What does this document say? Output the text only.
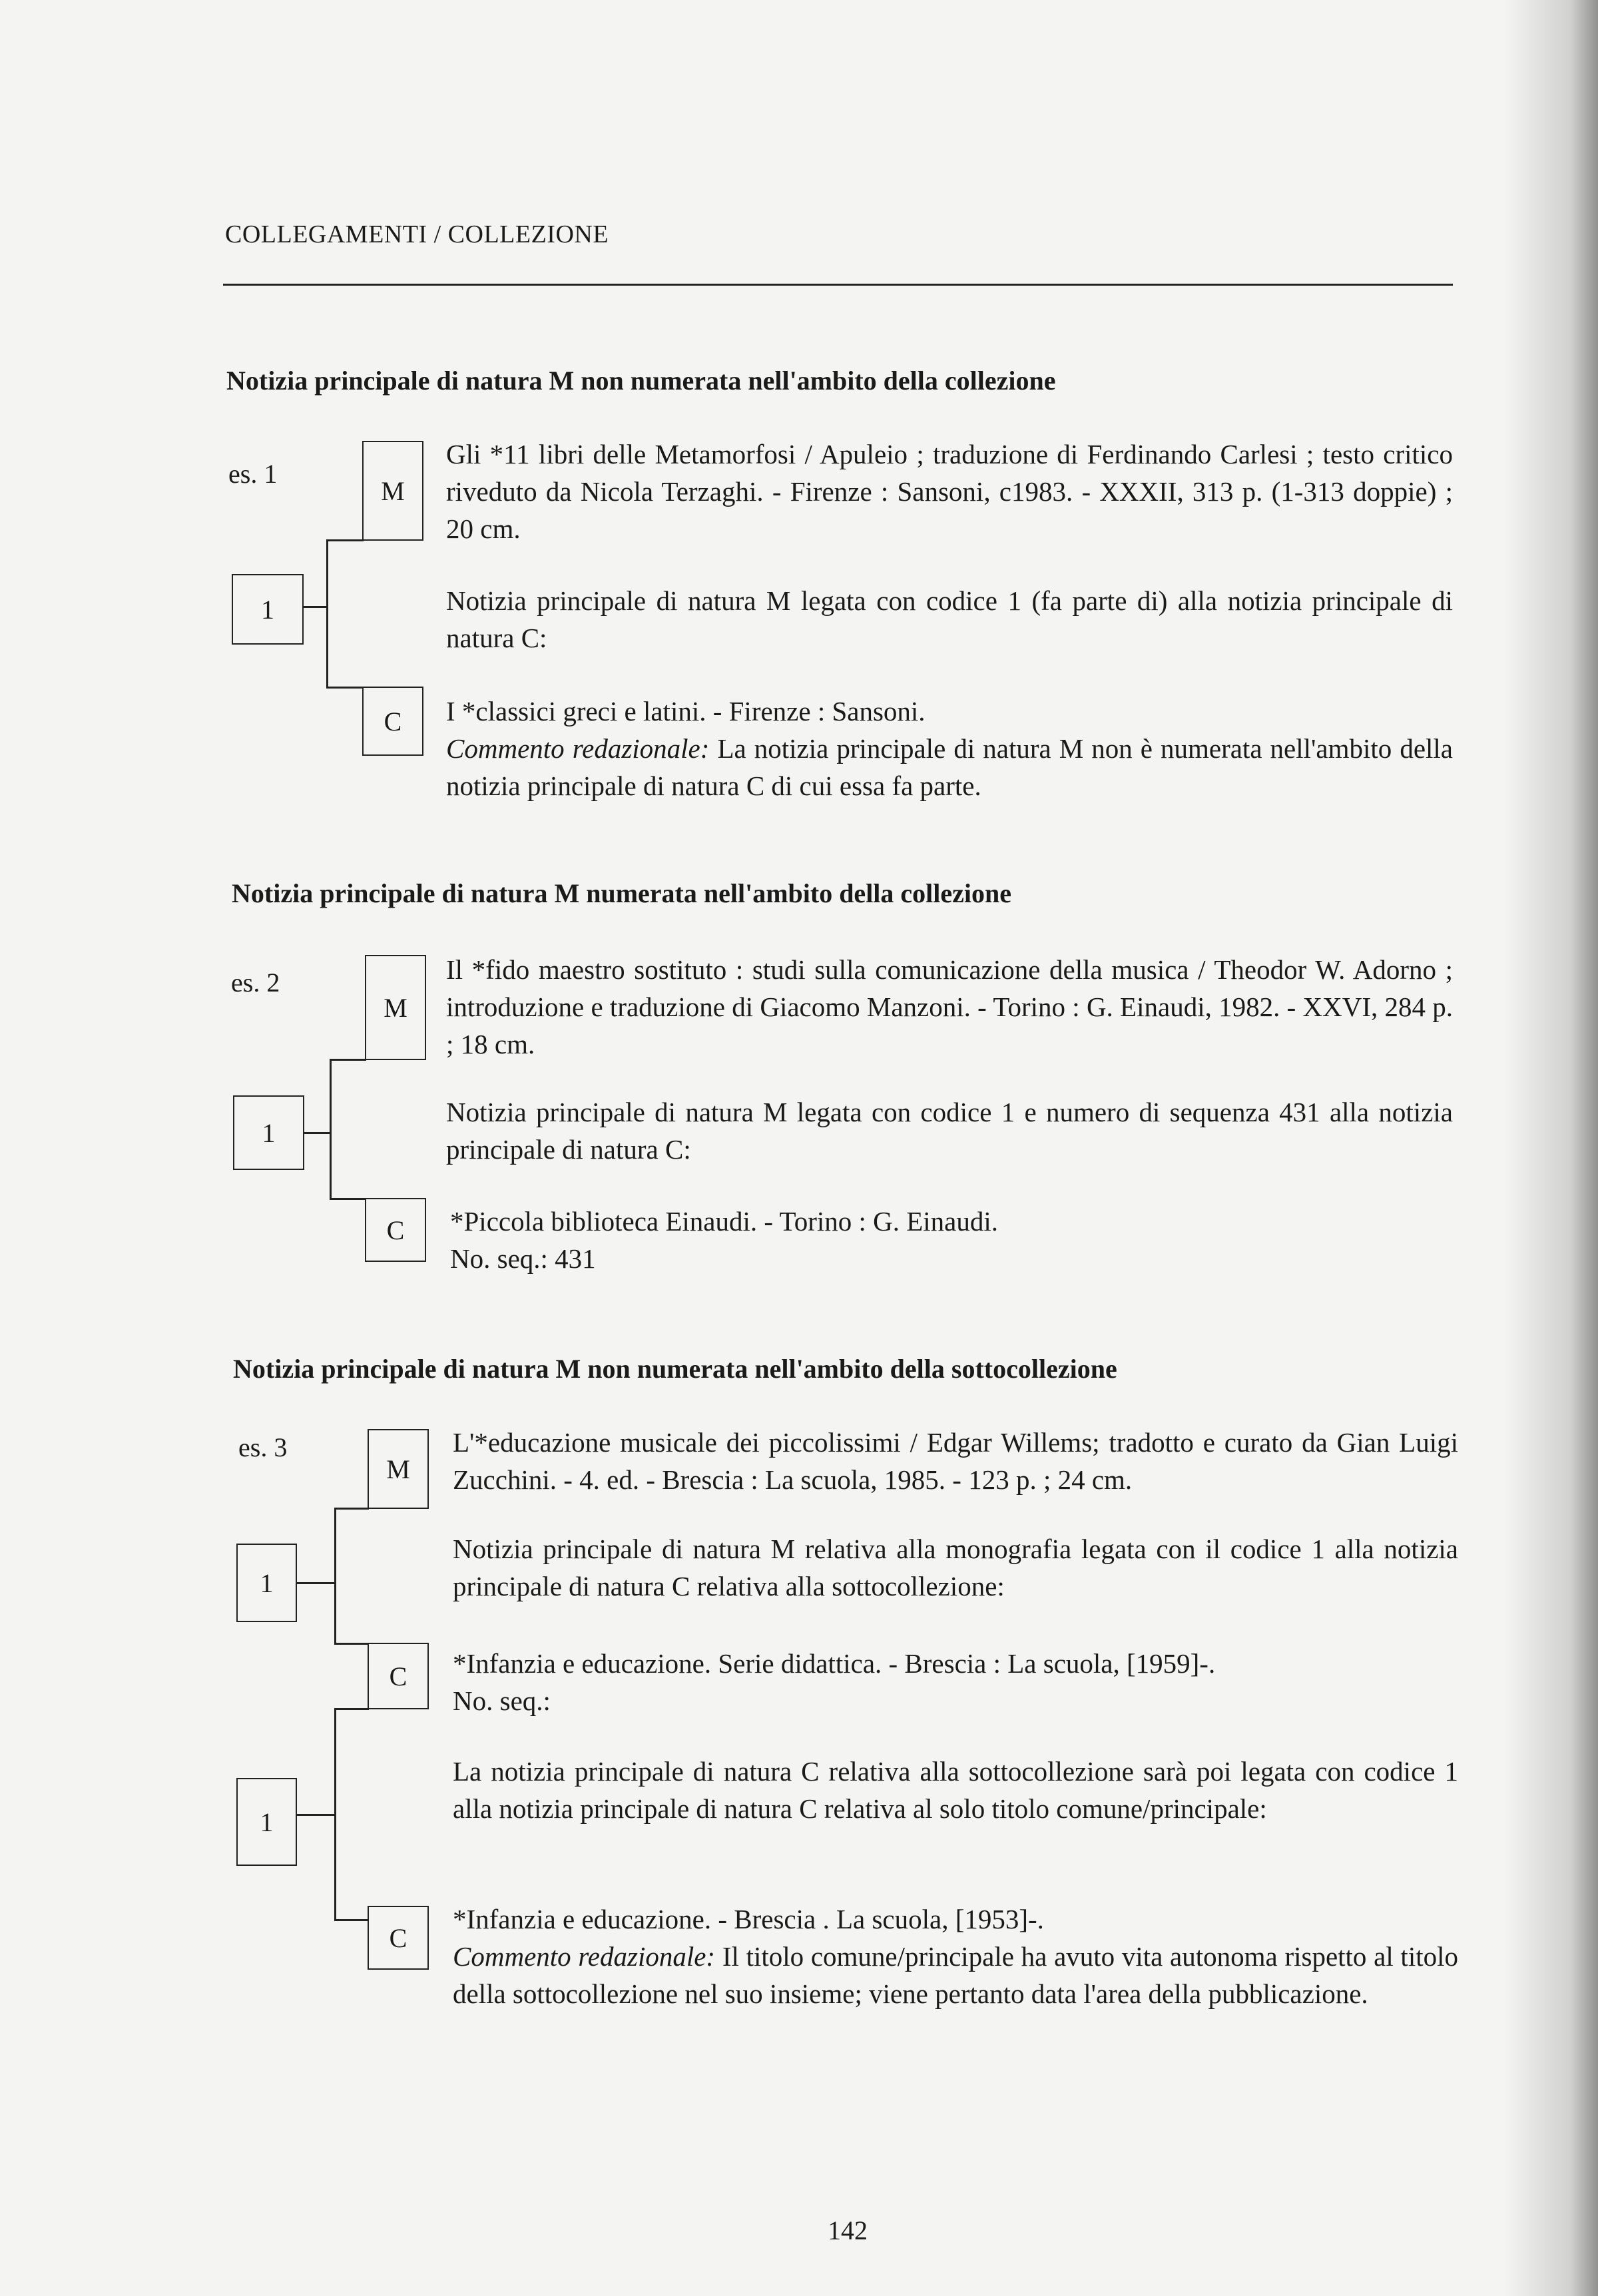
COLLEGAMENTI / COLLEZIONE
Notizia principale di natura M non numerata nell'ambito della collezione
es. 1
M
1
C

Gli *11 libri delle Metamorfosi / Apuleio ; traduzione di Ferdinando Carlesi ; testo critico riveduto da Nicola Terzaghi. - Firenze : Sansoni, c1983. - XXXII, 313 p. (1-313 doppie) ; 20 cm.

Notizia principale di natura M legata con codice 1 (fa parte di) alla notizia principale di natura C:

I *classici greci e latini. - Firenze : Sansoni.

Commento redazionale: La notizia principale di natura M non è numerata nell'ambito della notizia principale di natura C di cui essa fa parte.

Notizia principale di natura M numerata nell'ambito della collezione
es. 2
M
1
C

Il *fido maestro sostituto : studi sulla comunicazione della musica / Theodor W. Adorno ; introduzione e traduzione di Giacomo Manzoni. - Torino : G. Einaudi, 1982. - XXVI, 284 p. ; 18 cm.

Notizia principale di natura M legata con codice 1 e numero di sequenza 431 alla notizia principale di natura C:

*Piccola biblioteca Einaudi. - Torino : G. Einaudi.

No. seq.: 431

Notizia principale di natura M non numerata nell'ambito della sottocollezione
es. 3
M
1
C
1
C

L'*educazione musicale dei piccolissimi / Edgar Willems; tradotto e curato da Gian Luigi Zucchini. - 4. ed. - Brescia : La scuola, 1985. - 123 p. ; 24 cm.

Notizia principale di natura M relativa alla monografia legata con il codice 1 alla notizia principale di natura C relativa alla sottocollezione:

*Infanzia e educazione. Serie didattica. - Brescia : La scuola, [1959]-.

No. seq.:

La notizia principale di natura C relativa alla sottocollezione sarà poi legata con codice 1 alla notizia principale di natura C relativa al solo titolo comune/principale:

*Infanzia e educazione. - Brescia . La scuola, [1953]-.

Commento redazionale: Il titolo comune/principale ha avuto vita autonoma rispetto al titolo della sottocollezione nel suo insieme; viene pertanto data l'area della pubblicazione.

142
